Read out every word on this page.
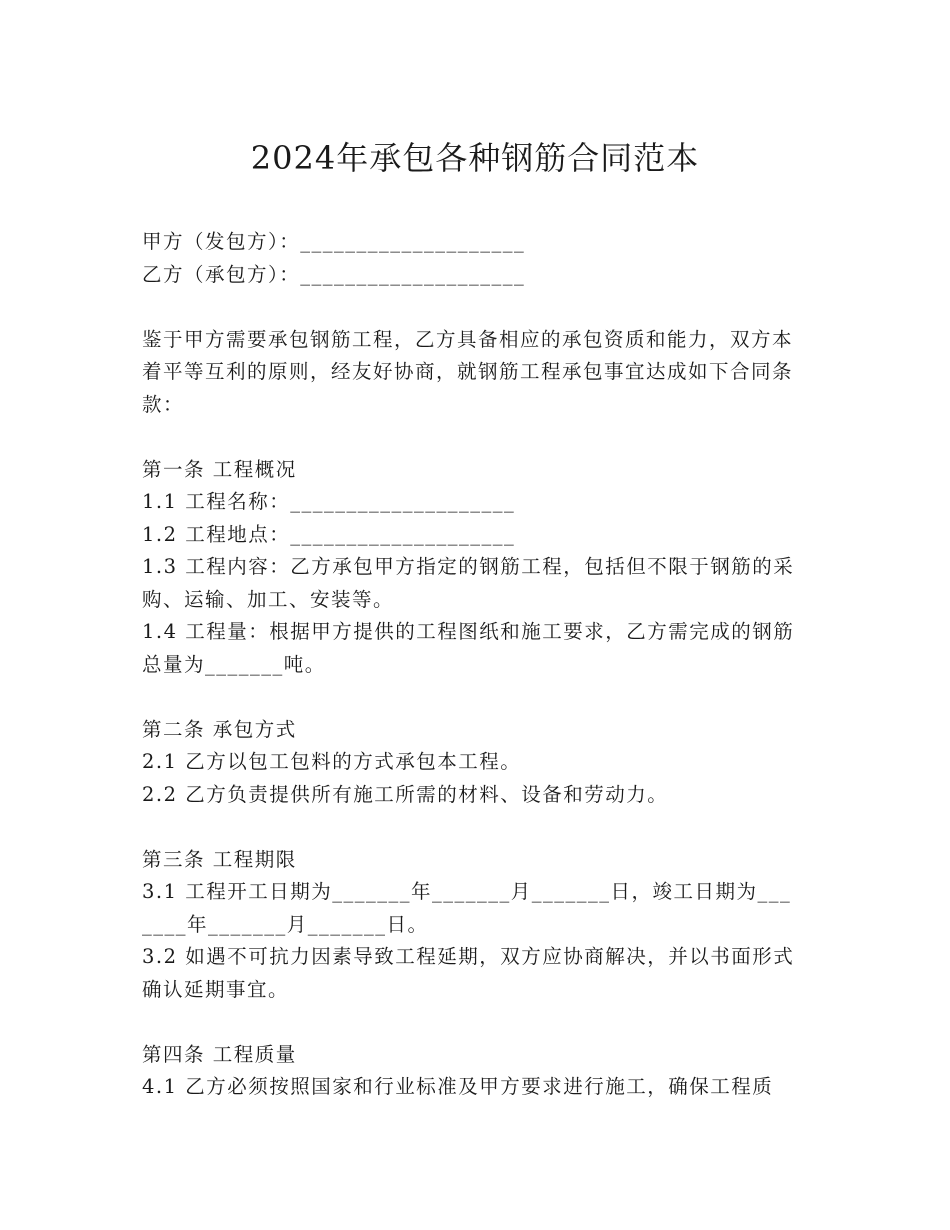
2024年承包各种钢筋合同范本

甲方（发包方）：____________________

乙方（承包方）：____________________

鉴于甲方需要承包钢筋工程，乙方具备相应的承包资质和能力，双方本着平等互利的原则，经友好协商，就钢筋工程承包事宜达成如下合同条款：

第一条 工程概况

1.1 工程名称：____________________

1.2 工程地点：____________________

1.3 工程内容：乙方承包甲方指定的钢筋工程，包括但不限于钢筋的采购、运输、加工、安装等。

1.4 工程量：根据甲方提供的工程图纸和施工要求，乙方需完成的钢筋总量为_______吨。

第二条 承包方式

2.1 乙方以包工包料的方式承包本工程。

2.2 乙方负责提供所有施工所需的材料、设备和劳动力。

第三条 工程期限

3.1 工程开工日期为_______年_______月_______日，竣工日期为_______年_______月_______日。

3.2 如遇不可抗力因素导致工程延期，双方应协商解决，并以书面形式确认延期事宜。

第四条 工程质量

4.1 乙方必须按照国家和行业标准及甲方要求进行施工，确保工程质
